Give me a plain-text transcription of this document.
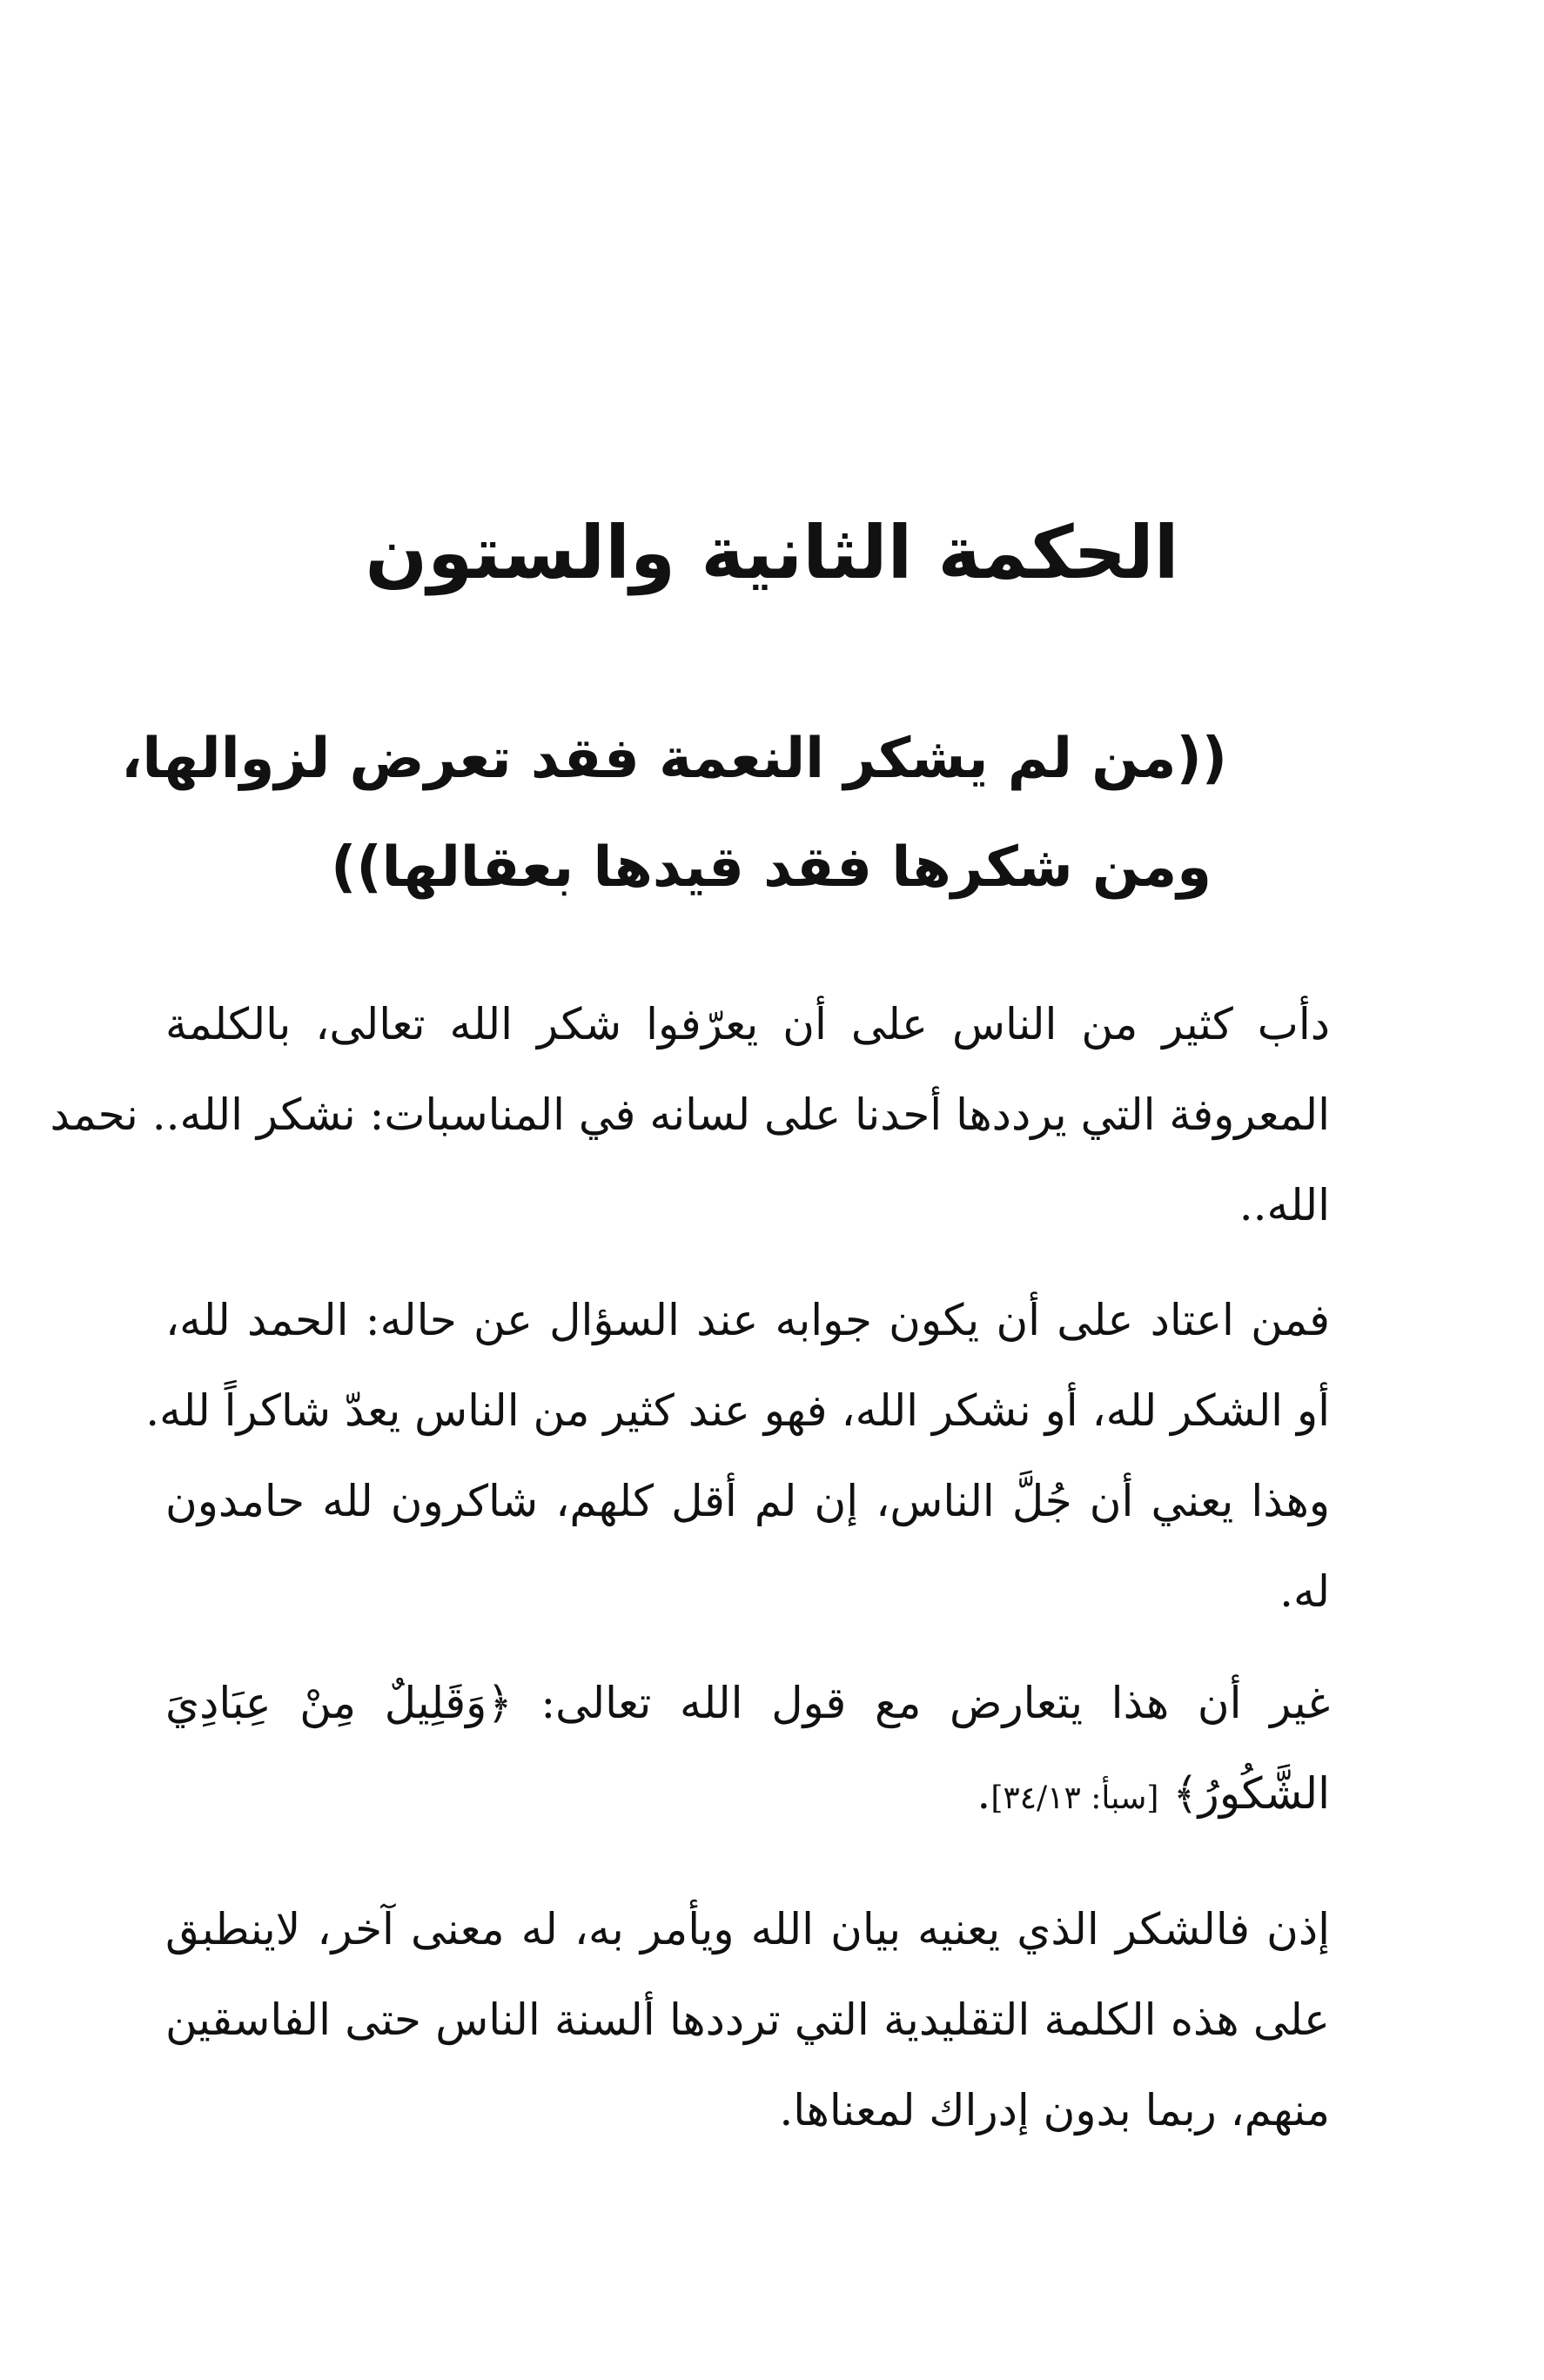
الحكمة الثانية والستون
((من لم يشكر النعمة فقد تعرض لزوالها،
ومن شكرها فقد قيدها بعقالها))
دأب كثير من الناس على أن يعرّفوا شكر الله تعالى، بالكلمة
المعروفة التي يرددها أحدنا على لسانه في المناسبات: نشكر الله.. نحمد
الله..
فمن اعتاد على أن يكون جوابه عند السؤال عن حاله: الحمد لله،
أو الشكر لله، أو نشكر الله، فهو عند كثير من الناس يعدّ شاكراً لله.
وهذا يعني أن جُلَّ الناس، إن لم أقل كلهم، شاكرون لله حامدون
له.
غير أن هذا يتعارض مع قول الله تعالى: ﴿وَقَلِيلٌ مِنْ عِبَادِيَ
الشَّكُورُ﴾ [سبأ: ٣٤/١٣].
إذن فالشكر الذي يعنيه بيان الله ويأمر به، له معنى آخر، لاينطبق
على هذه الكلمة التقليدية التي ترددها ألسنة الناس حتى الفاسقين
منهم، ربما بدون إدراك لمعناها.
